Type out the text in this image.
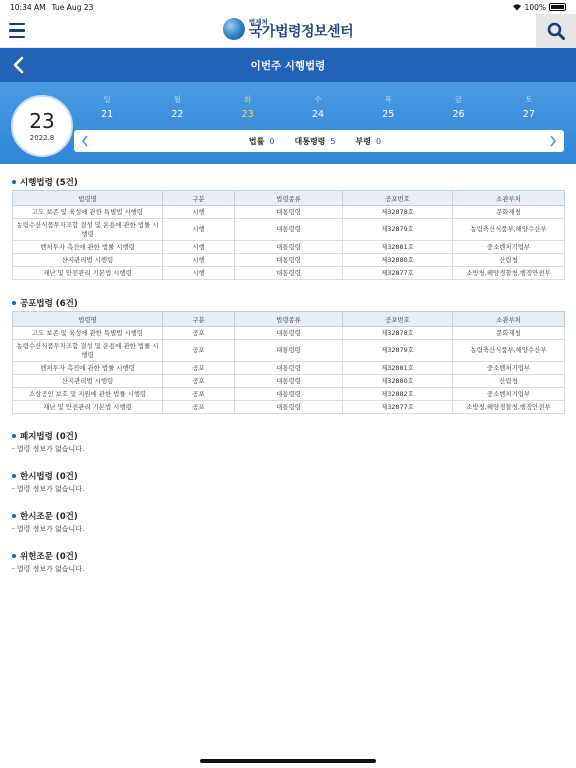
10:34 AM Tue Aug 23	100%
법제처
국가법령정보센터
이번주 시행법령
23
2022.8
일
21
월
22
화
23
수
24
목
25
금
26
토
27
법률 0	대통령령 5	부령 0
시행법령 (5건)
법령명	구분	법령종류	공포번호	소관부처
고도 보존 및 육성에 관한 특별법 시행령	시행	대통령령	제32878호	문화재청
농림수산식품투자조합 결성 및 운용에 관한 법률 시행령	시행	대통령령	제32879호	농림축산식품부,해양수산부
벤처투자 촉진에 관한 법률 시행령	시행	대통령령	제32881호	중소벤처기업부
산지관리법 시행령	시행	대통령령	제32880호	산림청
재난 및 안전관리 기본법 시행령	시행	대통령령	제32877호	소방청,해양경찰청,행정안전부
공포법령 (6건)
법령명	구분	법령종류	공포번호	소관부처
고도 보존 및 육성에 관한 특별법 시행령	공포	대통령령	제32878호	문화재청
농림수산식품투자조합 결성 및 운용에 관한 법률 시행령	공포	대통령령	제32879호	농림축산식품부,해양수산부
벤처투자 촉진에 관한 법률 시행령	공포	대통령령	제32881호	중소벤처기업부
산지관리법 시행령	공포	대통령령	제32880호	산림청
소상공인 보호 및 지원에 관한 법률 시행령	공포	대통령령	제32882호	중소벤처기업부
재난 및 안전관리 기본법 시행령	공포	대통령령	제32877호	소방청,해양경찰청,행정안전부
폐지법령 (0건)
- 법령 정보가 없습니다.
한시법령 (0건)
- 법령 정보가 없습니다.
한시조문 (0건)
- 법령 정보가 없습니다.
위헌조문 (0건)
- 법령 정보가 없습니다.
